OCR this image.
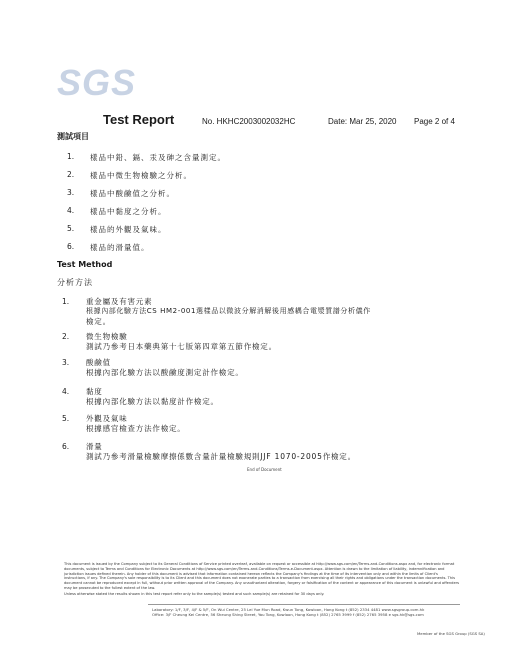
SGS
Test Report	No. HKHC2003002032HC	Date: Mar 25, 2020 Page 2 of 4
測試項目
1. 樣品中鉛、鎘、汞及砷之含量測定。
2. 樣品中微生物檢驗之分析。
3. 樣品中酸鹼值之分析。
4. 樣品中黏度之分析。
5. 樣品的外觀及氣味。
6. 樣品的滑量值。
Test Method
分析方法
1. 重金屬及有害元素
根據內部化驗方法CS HM2-001選樣品以微波分解消解後用感耦合電漿質譜分析儀作
檢定。
2. 微生物檢驗
測試乃參考日本藥典第十七版第四章第五節作檢定。
3. 酸鹼值
根據內部化驗方法以酸鹼度測定計作檢定。
4. 黏度
根據內部化驗方法以黏度計作檢定。
5. 外觀及氣味
根據感官檢查方法作檢定。
6. 滑量
測試乃參考滑量檢驗摩擦係數含量計量檢驗規則JJF 1070-2005作檢定。
End of Document
This document is issued by the Company subject to its General Conditions of Service printed overleaf, available on request or accessible at http://www.sgs.com/en/Terms-and-Conditions.aspx and, for electronic format documents, subject to Terms and Conditions for Electronic Documents at http://www.sgs.com/en/Terms-and-Conditions/Terms-e-Document.aspx. Attention is drawn to the limitation of liability, indemnification and jurisdiction issues defined therein. Any holder of this document is advised that information contained hereon reflects the Company's findings at the time of its intervention only and within the limits of Client's instructions, if any. The Company's sole responsibility is to its Client and this document does not exonerate parties to a transaction from exercising all their rights and obligations under the transaction documents. This document cannot be reproduced except in full, without prior written approval of the Company. Any unauthorized alteration, forgery or falsification of the content or appearance of this document is unlawful and offenders may be prosecuted to the fullest extent of the law.
Unless otherwise stated the results shown in this test report refer only to the sample(s) tested and such sample(s) are retained for 30 days only.
Laboratory: 1/F, 3/F, 4/F & 5/F, On Wui Centre, 25 Lei Yue Mun Road, Kwun Tong, Kowloon, Hong Kong t (852) 2334 4481 www.sgsgroup.com.hk
Office: 3/F Cheung Kei Centre, 56 Sheung Shing Street, Yau Tong, Kowloon, Hong Kong t (852) 2765 3999 f (852) 2765 3958 e sgs.hk@sgs.com
Member of the SGS Group (SGS SA)
